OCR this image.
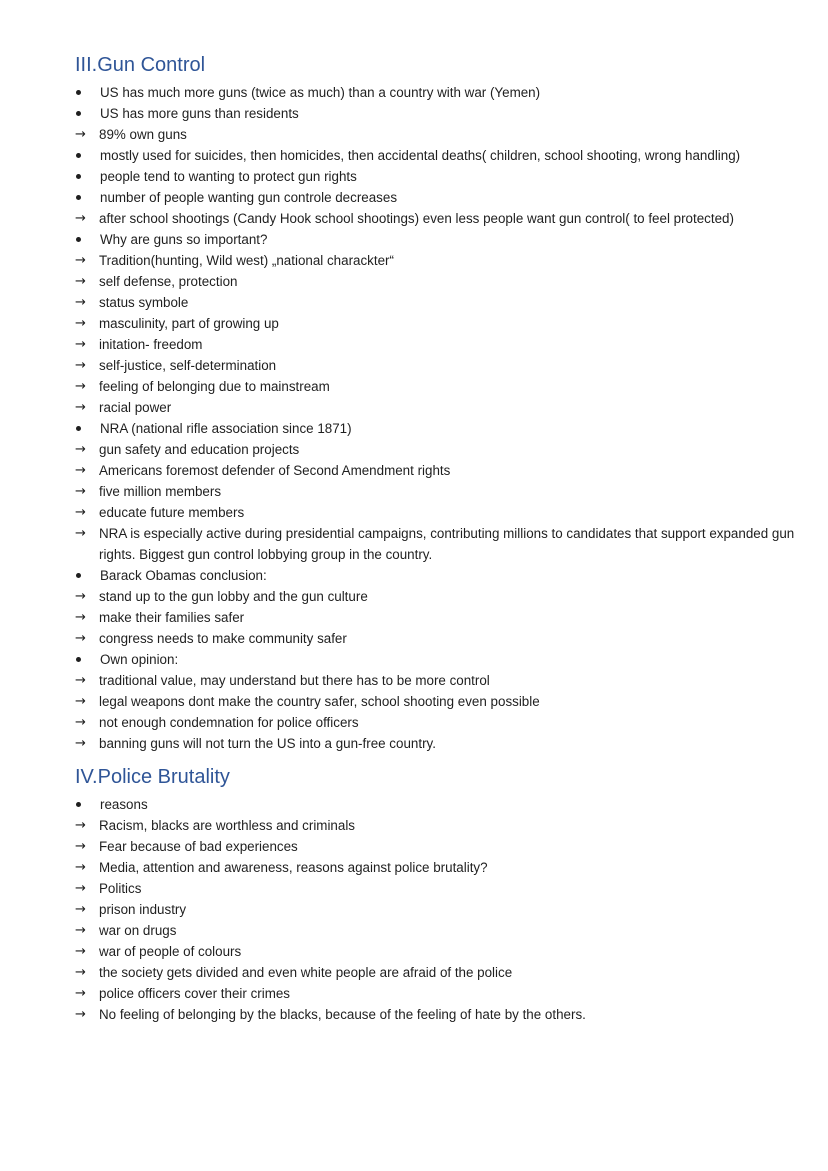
III.Gun Control
US has much more guns (twice as much) than a country with war (Yemen)
US has more guns than residents
→ 89% own guns
mostly used for suicides, then homicides, then accidental deaths( children, school shooting, wrong handling)
people tend to wanting to protect gun rights
number of people wanting gun controle decreases
→ after school shootings (Candy Hook school shootings) even less people want gun control( to feel protected)
Why are guns so important?
→ Tradition(hunting, Wild west) „national charackter“
→ self defense, protection
→ status symbole
→ masculinity, part of growing up
→ initation- freedom
→ self-justice, self-determination
→ feeling of belonging due to mainstream
→ racial power
NRA (national rifle association since 1871)
→ gun safety and education projects
→ Americans foremost defender of Second Amendment rights
→ five million members
→ educate future members
→ NRA is especially active during presidential campaigns, contributing millions to candidates that support expanded gun rights. Biggest gun control lobbying group in the country.
Barack Obamas conclusion:
→ stand up to the gun lobby and the gun culture
→ make their families safer
→ congress needs to make community safer
Own opinion:
→ traditional value, may understand but there has to be more control
→ legal weapons dont make the country safer, school shooting even possible
→ not enough condemnation for police officers
→ banning guns will not turn the US into a gun-free country.
IV.Police Brutality
reasons
→ Racism, blacks are worthless and criminals
→ Fear because of bad experiences
→ Media, attention and awareness, reasons against police brutality?
→ Politics
→ prison industry
→ war on drugs
→ war of people of colours
→ the society gets divided and even white people are afraid of the police
→ police officers cover their crimes
→ No feeling of belonging by the blacks, because of the feeling of hate by the others.
